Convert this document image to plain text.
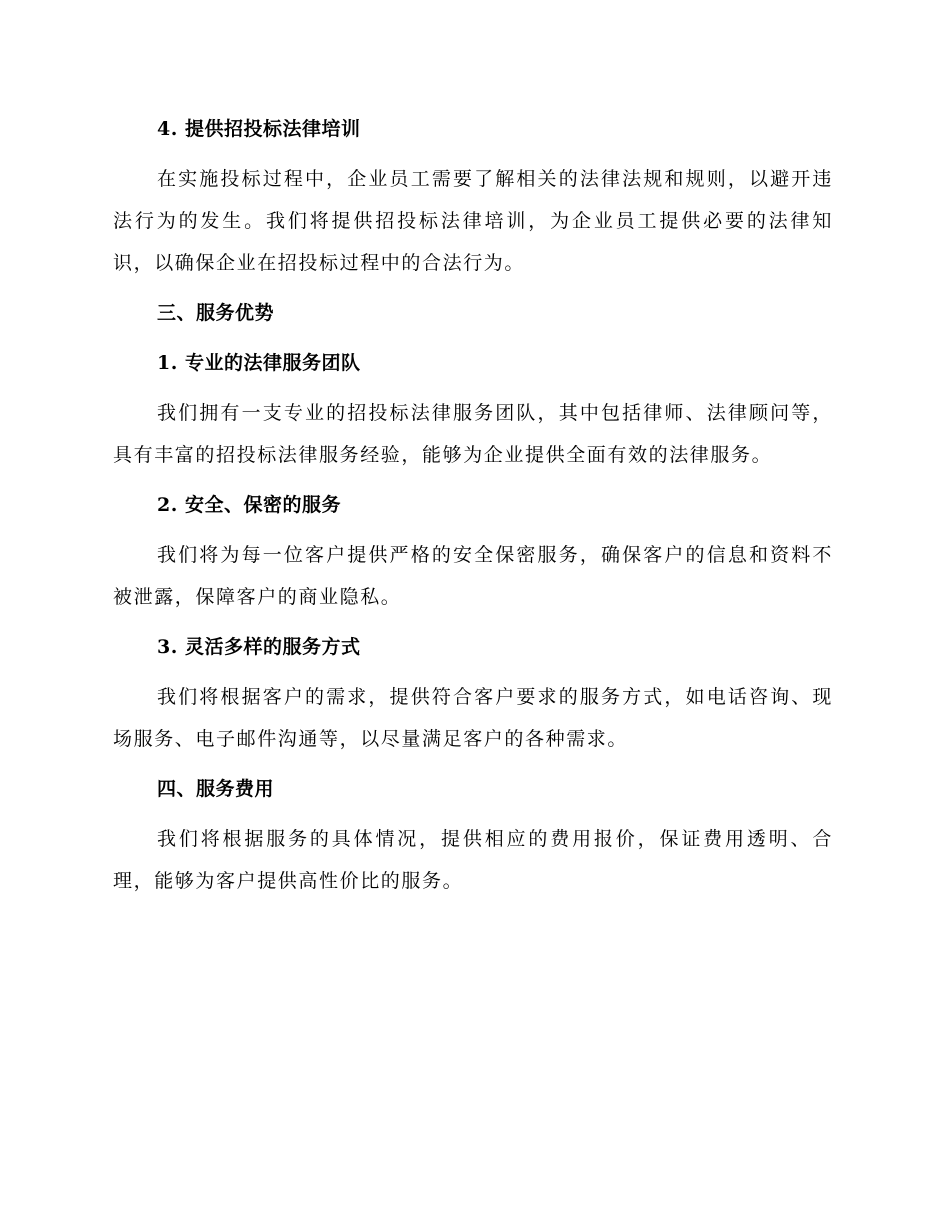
4. 提供招投标法律培训
在实施投标过程中，企业员工需要了解相关的法律法规和规则，以避开违法行为的发生。我们将提供招投标法律培训，为企业员工提供必要的法律知识，以确保企业在招投标过程中的合法行为。
三、服务优势
1. 专业的法律服务团队
我们拥有一支专业的招投标法律服务团队，其中包括律师、法律顾问等，具有丰富的招投标法律服务经验，能够为企业提供全面有效的法律服务。
2. 安全、保密的服务
我们将为每一位客户提供严格的安全保密服务，确保客户的信息和资料不被泄露，保障客户的商业隐私。
3. 灵活多样的服务方式
我们将根据客户的需求，提供符合客户要求的服务方式，如电话咨询、现场服务、电子邮件沟通等，以尽量满足客户的各种需求。
四、服务费用
我们将根据服务的具体情况，提供相应的费用报价，保证费用透明、合理，能够为客户提供高性价比的服务。
